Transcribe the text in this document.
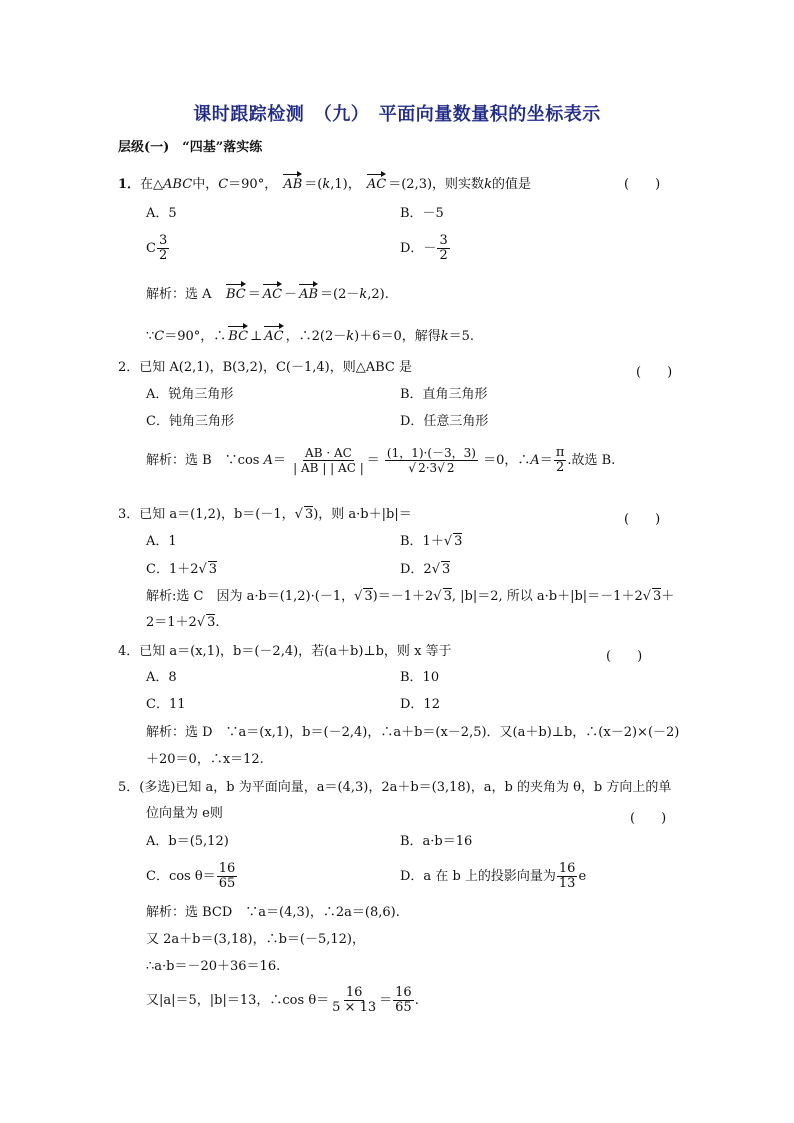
课时跟踪检测　（九）　平面向量数量积的坐标表示
层级(一)　“四基”落实练
1．在△ABC中，C＝90°， AB ＝(k,1)， AC ＝(2,3)，则实数k的值是	(　　)
A．5	B．－5
C $\frac{3}{2}$	D．－ $\frac{3}{2}$
解析：选 A BC ＝ AC － AB ＝(2－k,2).
∵C＝90°，∴ BC ⊥ AC ，∴2(2－k)＋6＝0，解得k＝5.
2．已知 A(2,1)，B(3,2)，C(－1,4)，则△ABC 是	(　　)
A．锐角三角形	B．直角三角形
C．钝角三角形	D．任意三角形
解析：选 B　∵cos $A= \frac{AB \cdot AC}{| AB | | AC |} = \frac{(1,1)\cdot(-3,3)}{√ 2\cdot 3√ 2} =0$，∴A＝ $\frac{\pi}{2}$ .故选 B.
3．已知 a＝(1,2)，b＝(－1，√ 3)，则 a·b＋|b|＝	(　　)
A．1	B．1＋√ 3
C．1＋2√ 3	D．2√ 3
解析:选 C　因为 a·b＝(1,2)·(－1，√ 3)＝－1＋2√ 3, |b|＝2, 所以 a·b＋|b|＝－1＋2√ 3＋
2＝1＋2√ 3.
4．已知 a＝(x,1)，b＝(－2,4)，若(a＋b)⊥b，则 x 等于	(　　)
A．8	B．10
C．11	D．12
解析：选 D　∵a＝(x,1)，b＝(－2,4)，∴a＋b＝(x－2,5)．又(a＋b)⊥b，∴(x－2)×(－2)
＋20＝0，∴x＝12.
5．(多选)已知 a，b 为平面向量，a＝(4,3)，2a＋b＝(3,18)，a，b 的夹角为 θ，b 方向上的单
位向量为 e则	(　　)
A．b＝(5,12)	B．a·b＝16
C．$\cos \theta= \frac{16}{65}$	D．a 在 b 上的投影向量为 $\frac{16}{13}$ e
解析：选 BCD　∵a＝(4,3)，∴2a＝(8,6).
又 2a＋b＝(3,18)，∴b＝(－5,12)，
∴a·b＝－20＋36＝16.
又|a|＝5，|b|＝13，∴cos $\theta= \frac{16}{5 \times 13} = \frac{16}{65}$ .
